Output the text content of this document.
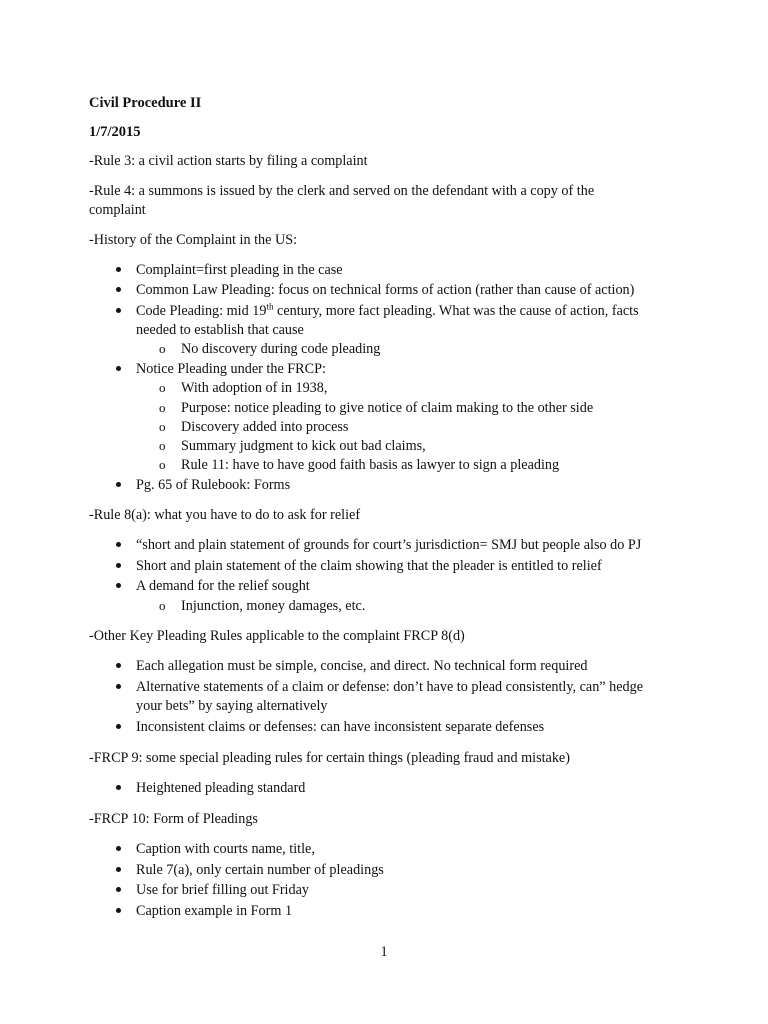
Civil Procedure II
1/7/2015
-Rule 3: a civil action starts by filing a complaint
-Rule 4: a summons is issued by the clerk and served on the defendant with a copy of the
complaint
-History of the Complaint in the US:
Complaint=first pleading in the case
Common Law Pleading: focus on technical forms of action (rather than cause of action)
Code Pleading: mid 19th century, more fact pleading. What was the cause of action, facts
needed to establish that cause
o No discovery during code pleading
Notice Pleading under the FRCP:
o With adoption of in 1938,
o Purpose: notice pleading to give notice of claim making to the other side
o Discovery added into process
o Summary judgment to kick out bad claims,
o Rule 11: have to have good faith basis as lawyer to sign a pleading
Pg. 65 of Rulebook: Forms
-Rule 8(a): what you have to do to ask for relief
“short and plain statement of grounds for court’s jurisdiction= SMJ but people also do PJ
Short and plain statement of the claim showing that the pleader is entitled to relief
A demand for the relief sought
o Injunction, money damages, etc.
-Other Key Pleading Rules applicable to the complaint FRCP 8(d)
Each allegation must be simple, concise, and direct. No technical form required
Alternative statements of a claim or defense: don’t have to plead consistently, can” hedge
your bets” by saying alternatively
Inconsistent claims or defenses: can have inconsistent separate defenses
-FRCP 9: some special pleading rules for certain things (pleading fraud and mistake)
Heightened pleading standard
-FRCP 10: Form of Pleadings
Caption with courts name, title,
Rule 7(a), only certain number of pleadings
Use for brief filling out Friday
Caption example in Form 1
1
